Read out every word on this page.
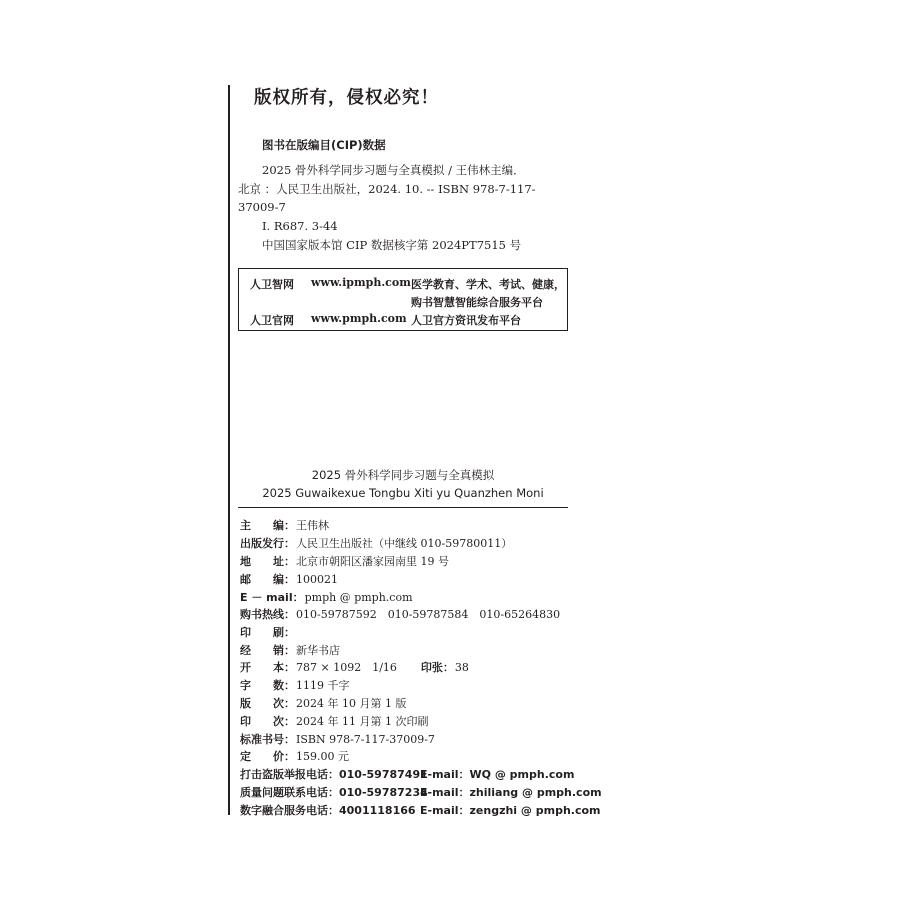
版权所有，侵权必究！

图书在版编目(CIP)数据

2025 骨外科学同步习题与全真模拟 / 王伟林主编．

北京 ：人民卫生出版社，2024. 10. -- ISBN 978-7-117-

37009-7

Ⅰ. R687. 3-44

中国国家版本馆 CIP 数据核字第 2024PT7515 号

人卫智网 www.ipmph.com 医学教育、学术、考试、健康，
购书智慧智能综合服务平台
人卫官网 www.pmph.com 人卫官方资讯发布平台

2025 骨外科学同步习题与全真模拟

2025 Guwaikexue Tongbu Xiti yu Quanzhen Moni

主　　编：王伟林
出版发行：人民卫生出版社（中继线 010-59780011）
地　　址：北京市朝阳区潘家园南里 19 号
邮　　编：100021
E － mail：pmph @ pmph.com
购书热线：010-59787592　010-59787584　010-65264830
印　　刷：
经　　销：新华书店
开　　本：787 × 1092　1/16 印张：38
字　　数：1119 千字
版　　次：2024 年 10 月第 1 版
印　　次：2024 年 11 月第 1 次印刷
标准书号：ISBN 978-7-117-37009-7
定　　价：159.00 元
打击盗版举报电话：010-59787491
E-mail：WQ @ pmph.com
质量问题联系电话：010-59787234
E-mail：zhiliang @ pmph.com
数字融合服务电话：4001118166 E-mail：zengzhi @ pmph.com
